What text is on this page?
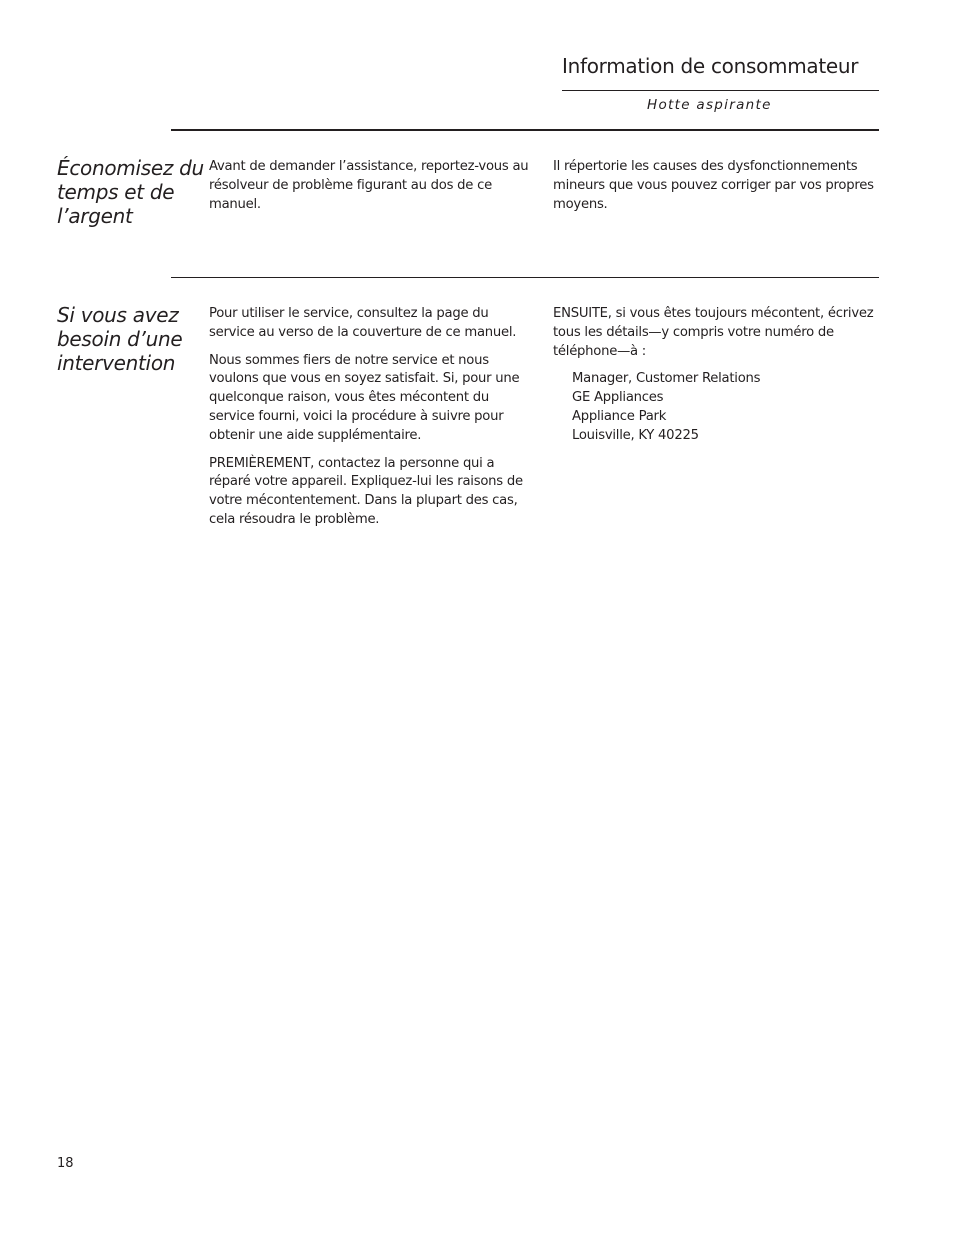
Information de consommateur
Hotte aspirante
Économisez du temps et de l’argent

Avant de demander l’assistance, reportez-vous au résolveur de problème figurant au dos de ce manuel.

Il répertorie les causes des dysfonctionnements mineurs que vous pouvez corriger par vos propres moyens.

Si vous avez besoin d’une intervention

Pour utiliser le service, consultez la page du service au verso de la couverture de ce manuel.

Nous sommes fiers de notre service et nous voulons que vous en soyez satisfait. Si, pour une quelconque raison, vous êtes mécontent du service fourni, voici la procédure à suivre pour obtenir une aide supplémentaire.

PREMIÈREMENT, contactez la personne qui a réparé votre appareil. Expliquez-lui les raisons de votre mécontentement. Dans la plupart des cas, cela résoudra le problème.

ENSUITE, si vous êtes toujours mécontent, écrivez tous les détails—y compris votre numéro de téléphone—à :

Manager, Customer Relations
GE Appliances
Appliance Park
Louisville, KY 40225
18
